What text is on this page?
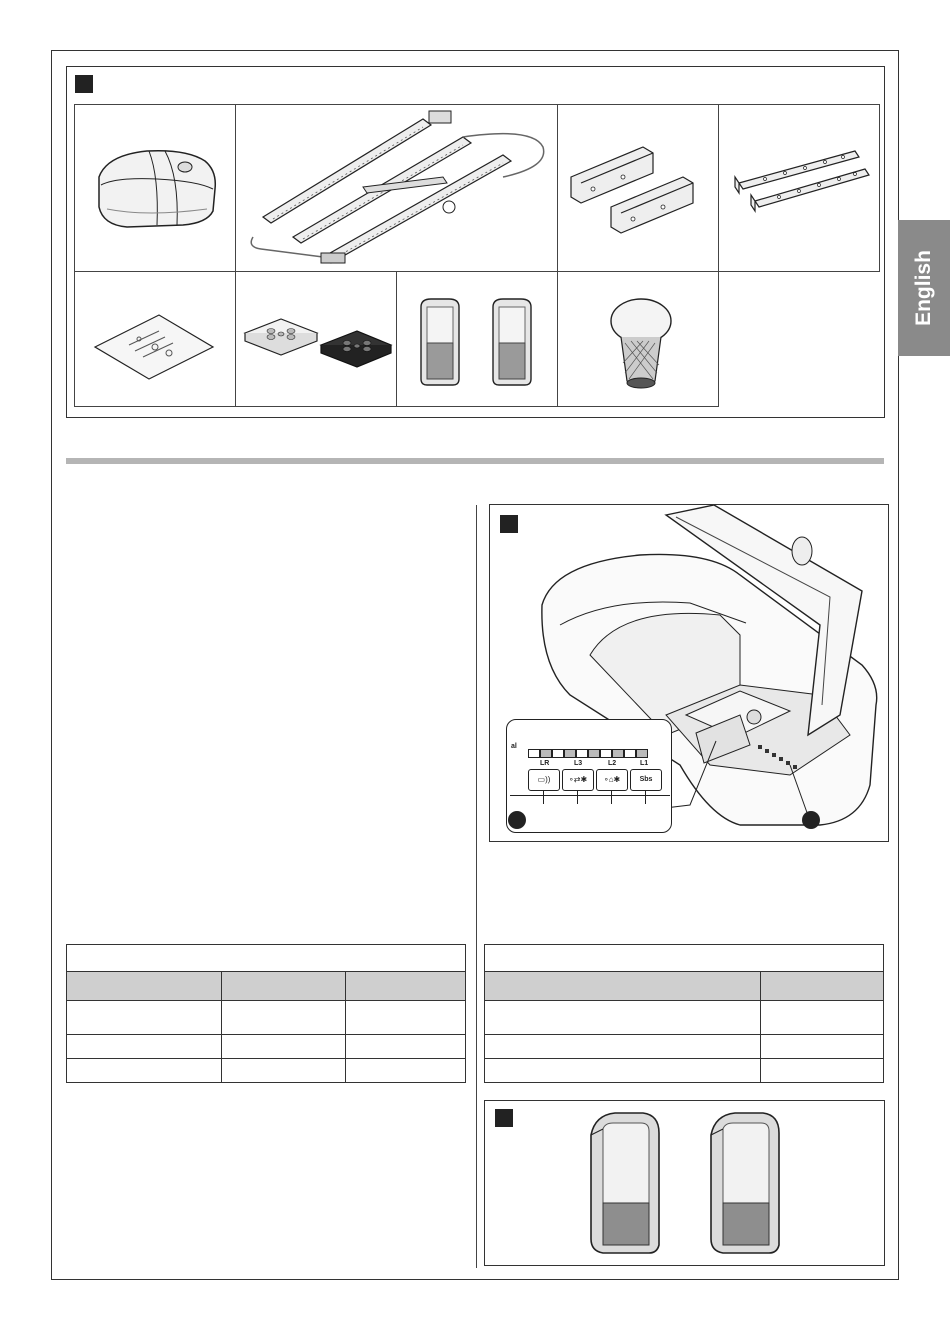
English
al
LR	L3	L2	L1
▭))	∘⇄✱	∘⌂✱	Sbs
